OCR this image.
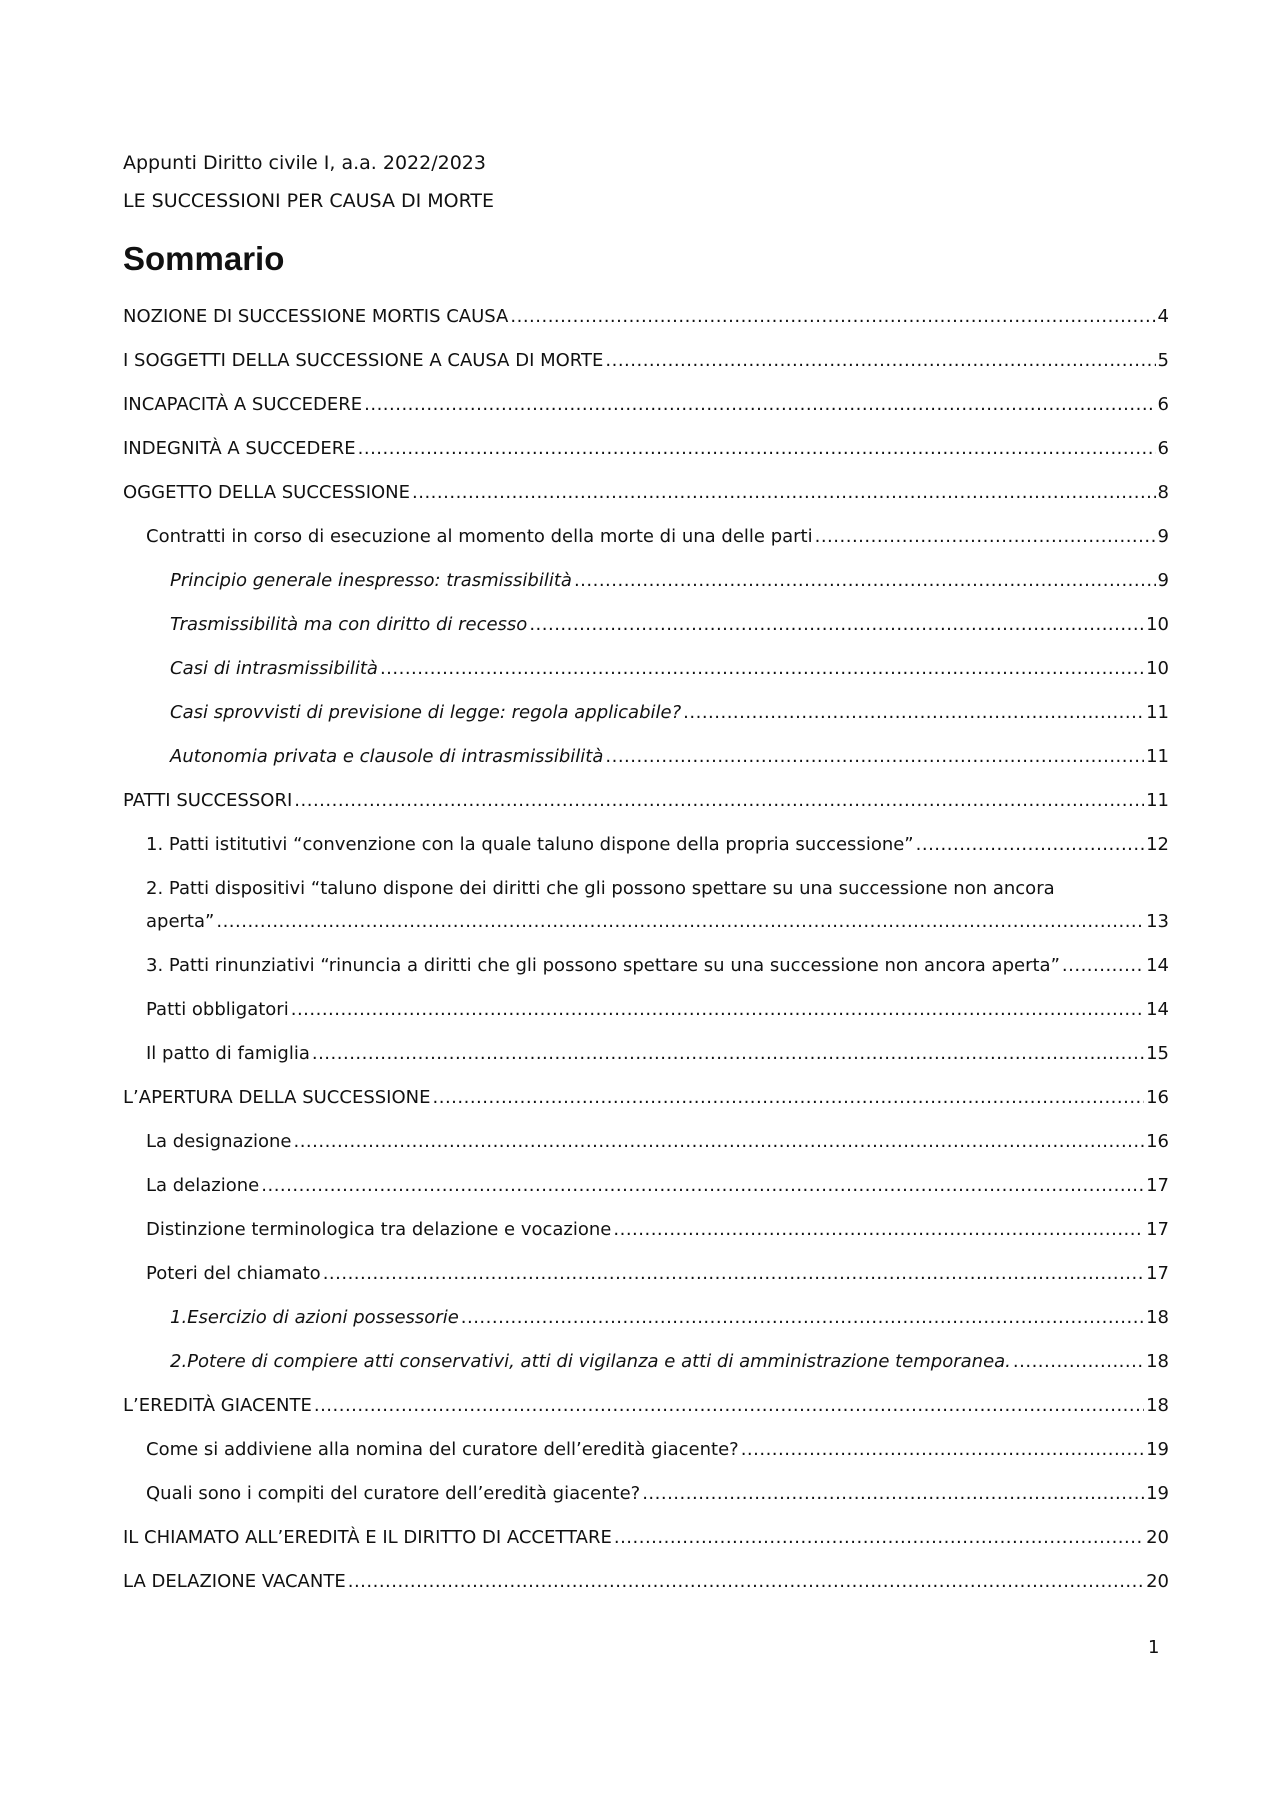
Appunti Diritto civile I, a.a. 2022/2023
LE SUCCESSIONI PER CAUSA DI MORTE
Sommario
NOZIONE DI SUCCESSIONE MORTIS CAUSA .....	4
I SOGGETTI DELLA SUCCESSIONE A CAUSA DI MORTE .....	5
INCAPACITÀ A SUCCEDERE .....	6
INDEGNITÀ A SUCCEDERE .....	6
OGGETTO DELLA SUCCESSIONE .....	8
Contratti in corso di esecuzione al momento della morte di una delle parti .....	9
Principio generale inespresso: trasmissibilità .....	9
Trasmissibilità ma con diritto di recesso .....	10
Casi di intrasmissibilità .....	10
Casi sprovvisti di previsione di legge: regola applicabile? .....	11
Autonomia privata e clausole di intrasmissibilità .....	11
PATTI SUCCESSORI .....	11
1. Patti istitutivi “convenzione con la quale taluno dispone della propria successione” .....	12
2. Patti dispositivi “taluno dispone dei diritti che gli possono spettare su una successione non ancora
aperta” .....	13
3. Patti rinunziativi “rinuncia a diritti che gli possono spettare su una successione non ancora aperta” .....	14
Patti obbligatori .....	14
Il patto di famiglia .....	15
L’APERTURA DELLA SUCCESSIONE .....	16
La designazione .....	16
La delazione .....	17
Distinzione terminologica tra delazione e vocazione .....	17
Poteri del chiamato .....	17
1.Esercizio di azioni possessorie .....	18
2.Potere di compiere atti conservativi, atti di vigilanza e atti di amministrazione temporanea. .....	18
L’EREDITÀ GIACENTE .....	18
Come si addiviene alla nomina del curatore dell’eredità giacente? .....	19
Quali sono i compiti del curatore dell’eredità giacente? .....	19
IL CHIAMATO ALL’EREDITÀ E IL DIRITTO DI ACCETTARE .....	20
LA DELAZIONE VACANTE .....	20
1
